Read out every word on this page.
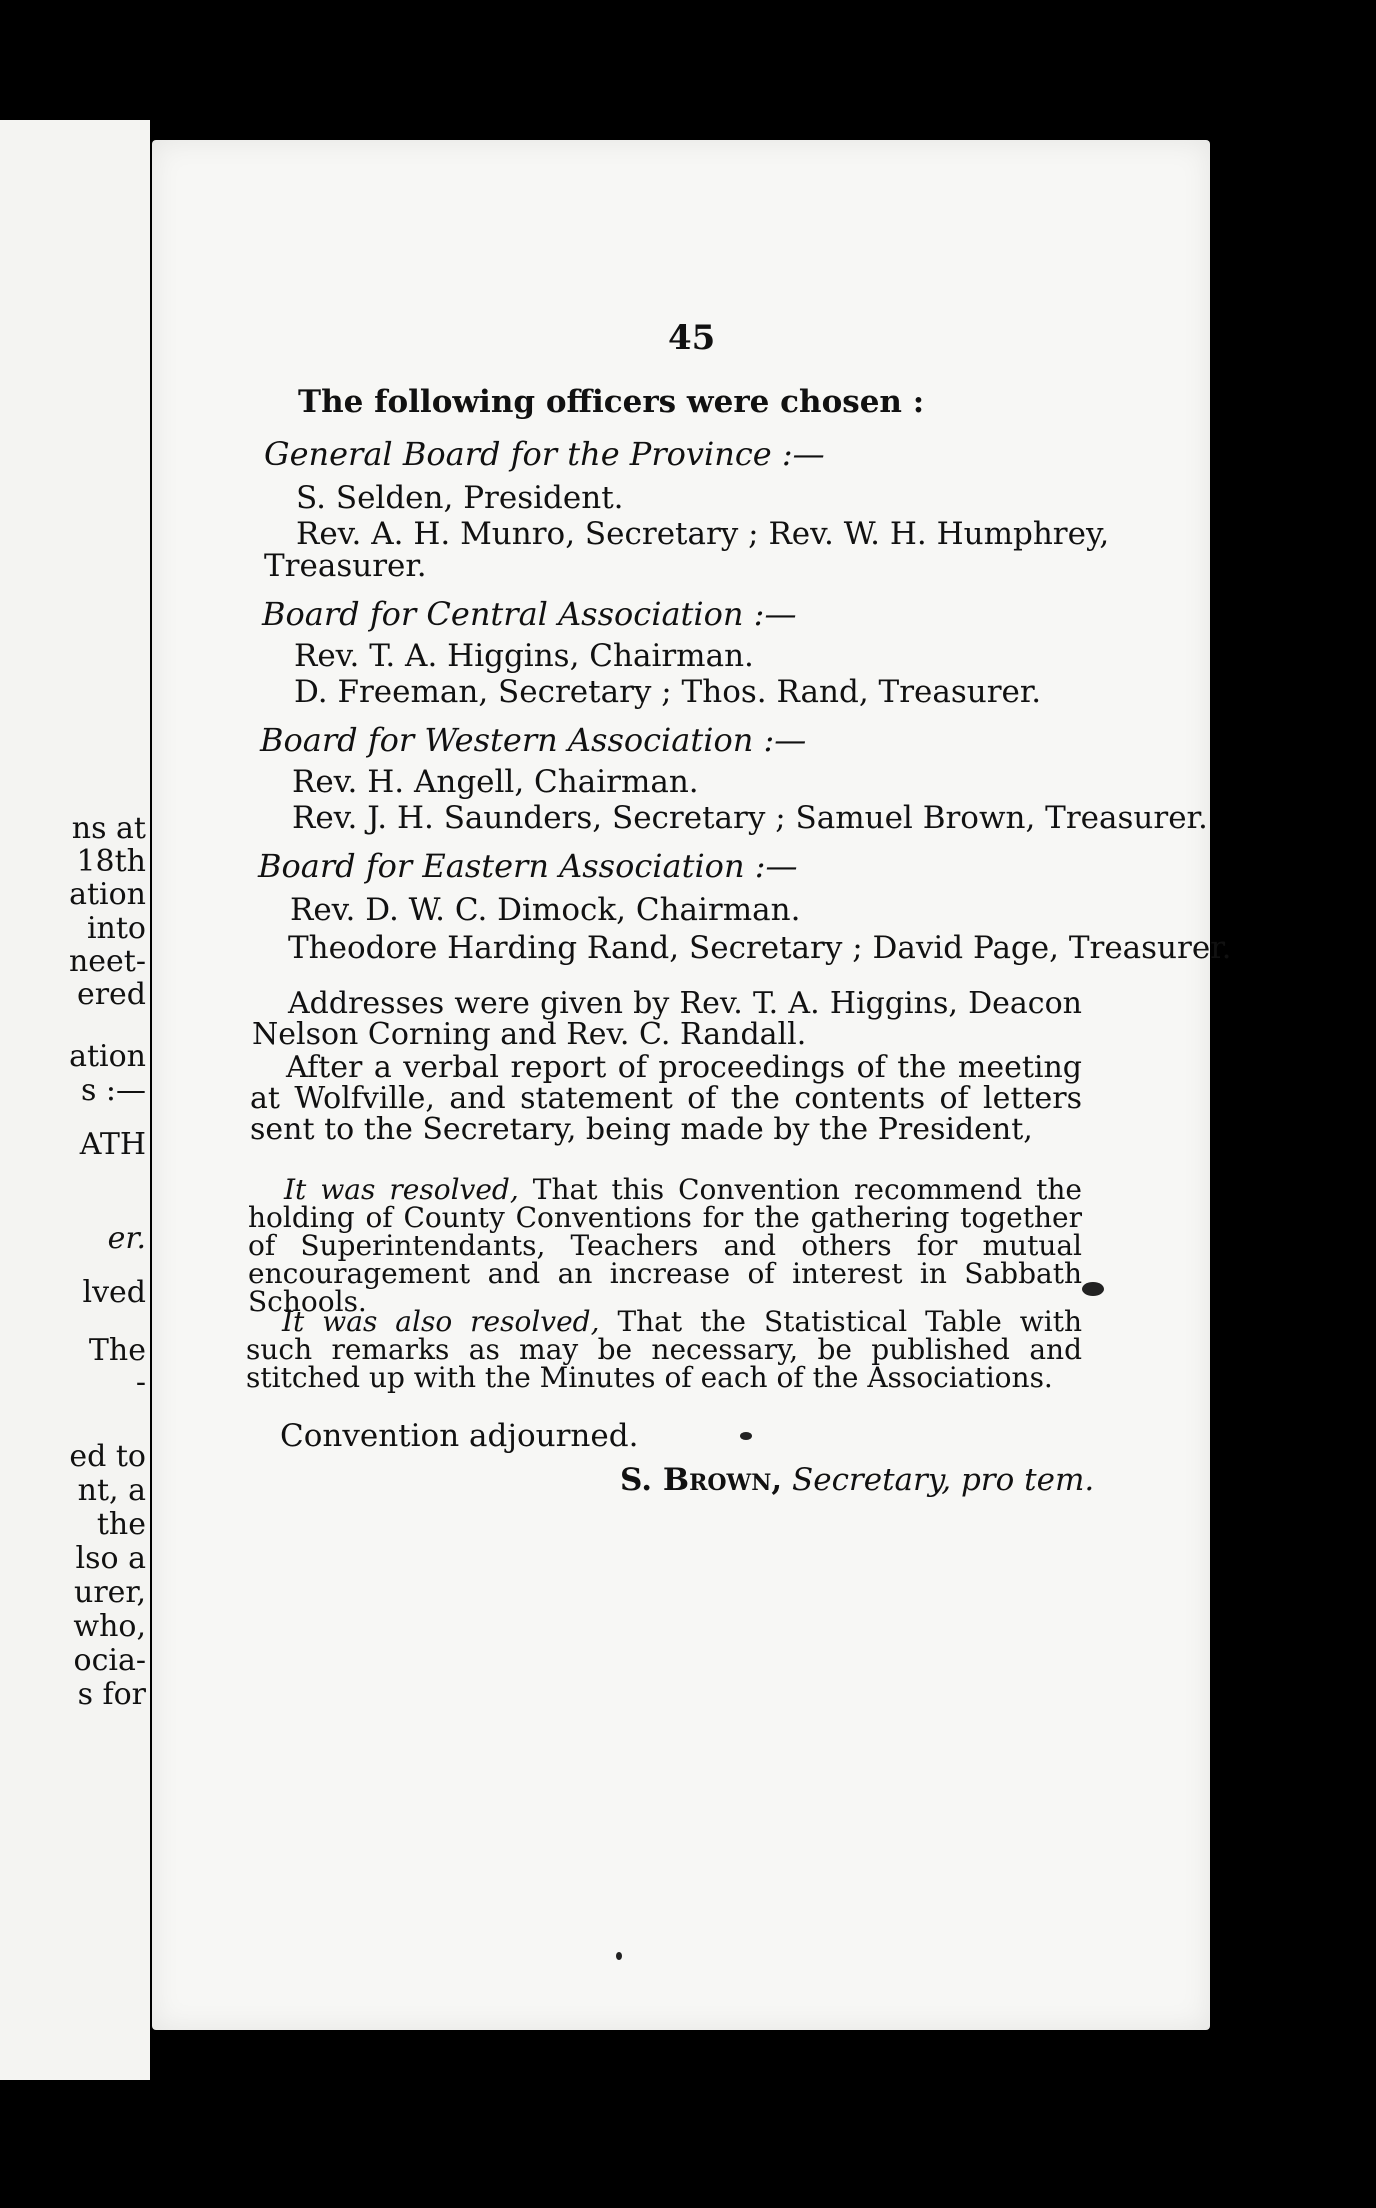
ns at
18th
ation
into
neet-
ered
ation
s :—
ATH
er.
lved
The
-
ed to
nt, a
the
lso a
urer,
who,
ocia-
s for
45
The following officers were chosen :
General Board for the Province :—
S. Selden, President.
Rev. A. H. Munro, Secretary ; Rev. W. H. Humphrey,
Treasurer.
Board for Central Association :—
Rev. T. A. Higgins, Chairman.
D. Freeman, Secretary ; Thos. Rand, Treasurer.
Board for Western Association :—
Rev. H. Angell, Chairman.
Rev. J. H. Saunders, Secretary ; Samuel Brown, Treasurer.
Board for Eastern Association :—
Rev. D. W. C. Dimock, Chairman.
Theodore Harding Rand, Secretary ; David Page, Treasurer.
Addresses were given by Rev. T. A. Higgins, Deacon Nelson Corning and Rev. C. Randall.
After a verbal report of proceedings of the meeting at Wolfville, and statement of the contents of letters sent to the Secretary, being made by the President,
It was resolved, That this Convention recommend the holding of County Conventions for the gathering together of Superintendants, Teachers and others for mutual encouragement and an increase of interest in Sabbath Schools.
It was also resolved, That the Statistical Table with such remarks as may be necessary, be published and stitched up with the Minutes of each of the Associations.
Convention adjourned.
S. Brown, Secretary, pro tem.
